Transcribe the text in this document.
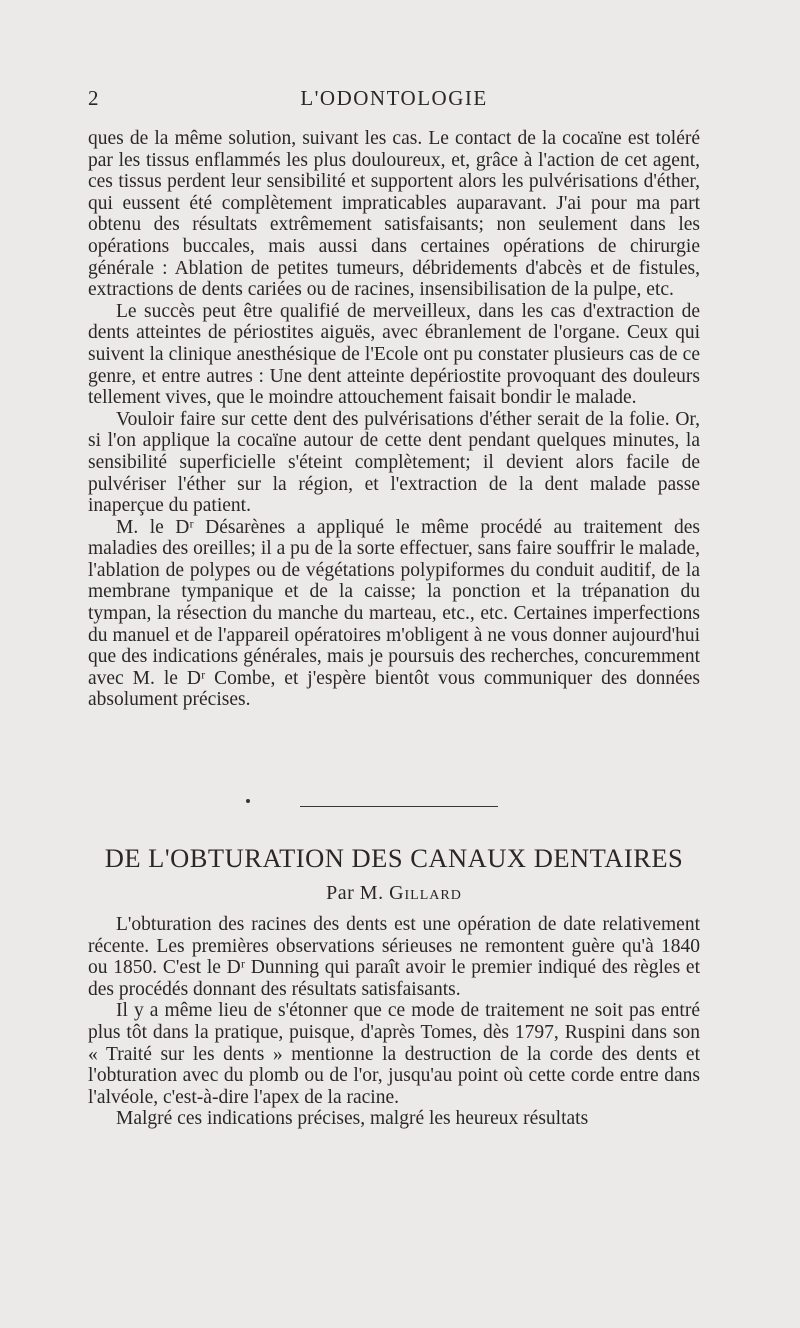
2	L'ODONTOLOGIE

ques de la même solution, suivant les cas. Le contact de la cocaïne est toléré par les tissus enflammés les plus douloureux, et, grâce à l'action de cet agent, ces tissus perdent leur sensibilité et supportent alors les pulvérisations d'éther, qui eussent été complètement impraticables auparavant. J'ai pour ma part obtenu des résultats extrêmement satisfaisants; non seulement dans les opérations buccales, mais aussi dans certaines opérations de chirurgie générale : Ablation de petites tumeurs, débridements d'abcès et de fistules, extractions de dents cariées ou de racines, insensibilisation de la pulpe, etc.

Le succès peut être qualifié de merveilleux, dans les cas d'extraction de dents atteintes de périostites aiguës, avec ébranlement de l'organe. Ceux qui suivent la clinique anesthésique de l'Ecole ont pu constater plusieurs cas de ce genre, et entre autres : Une dent atteinte depériostite provoquant des douleurs tellement vives, que le moindre attouchement faisait bondir le malade.

Vouloir faire sur cette dent des pulvérisations d'éther serait de la folie. Or, si l'on applique la cocaïne autour de cette dent pendant quelques minutes, la sensibilité superficielle s'éteint complètement; il devient alors facile de pulvériser l'éther sur la région, et l'extraction de la dent malade passe inaperçue du patient.

M. le Dʳ Désarènes a appliqué le même procédé au traitement des maladies des oreilles; il a pu de la sorte effectuer, sans faire souffrir le malade, l'ablation de polypes ou de végétations polypiformes du conduit auditif, de la membrane tympanique et de la caisse; la ponction et la trépanation du tympan, la résection du manche du marteau, etc., etc. Certaines imperfections du manuel et de l'appareil opératoires m'obligent à ne vous donner aujourd'hui que des indications générales, mais je poursuis des recherches, concuremment avec M. le Dʳ Combe, et j'espère bientôt vous communiquer des données absolument précises.

DE L'OBTURATION DES CANAUX DENTAIRES
Par M. Gillard

L'obturation des racines des dents est une opération de date relativement récente. Les premières observations sérieuses ne remontent guère qu'à 1840 ou 1850. C'est le Dʳ Dunning qui paraît avoir le premier indiqué des règles et des procédés donnant des résultats satisfaisants.

Il y a même lieu de s'étonner que ce mode de traitement ne soit pas entré plus tôt dans la pratique, puisque, d'après Tomes, dès 1797, Ruspini dans son « Traité sur les dents » mentionne la destruction de la corde des dents et l'obturation avec du plomb ou de l'or, jusqu'au point où cette corde entre dans l'alvéole, c'est-à-dire l'apex de la racine.

Malgré ces indications précises, malgré les heureux résultats
